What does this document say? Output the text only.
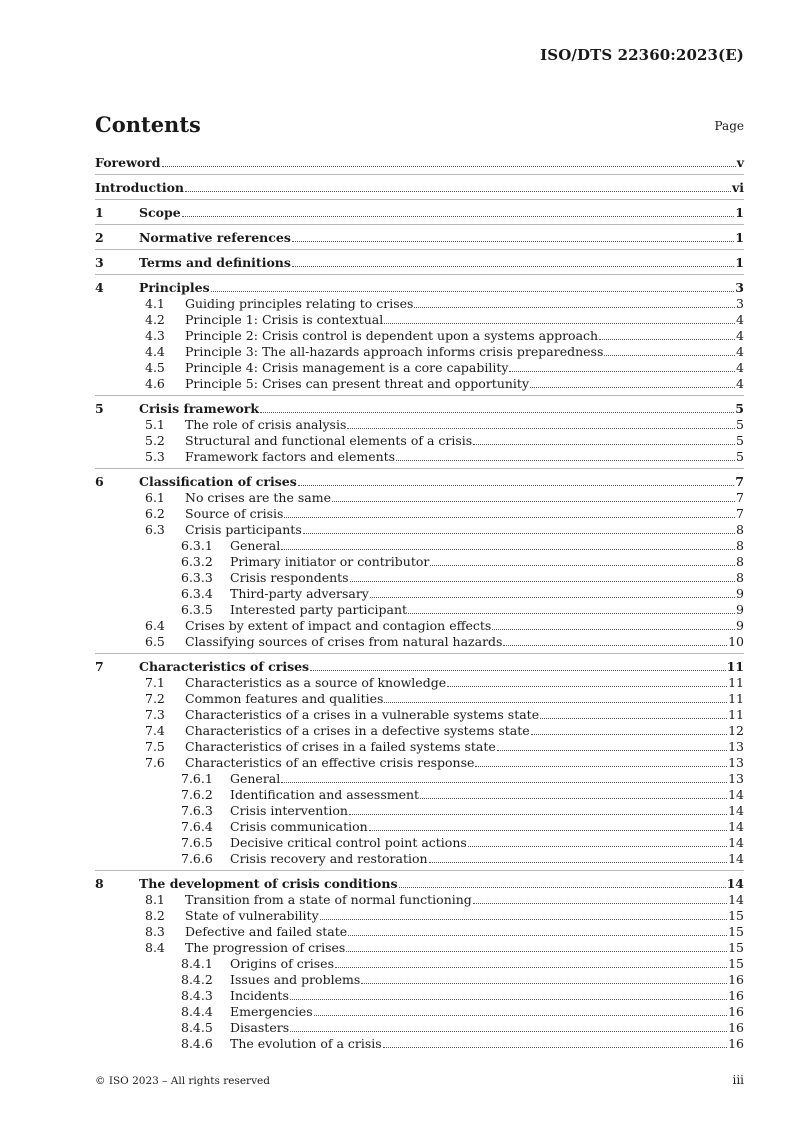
ISO/DTS 22360:2023(E)
Contents	Page
Foreword	v
Introduction	vi
1	Scope	1
2	Normative references	1
3	Terms and definitions	1
4	Principles	3
4.1	Guiding principles relating to crises	3
4.2	Principle 1: Crisis is contextual	4
4.3	Principle 2: Crisis control is dependent upon a systems approach	4
4.4	Principle 3: The all-hazards approach informs crisis preparedness	4
4.5	Principle 4: Crisis management is a core capability	4
4.6	Principle 5: Crises can present threat and opportunity	4
5	Crisis framework	5
5.1	The role of crisis analysis	5
5.2	Structural and functional elements of a crisis	5
5.3	Framework factors and elements	5
6	Classification of crises	7
6.1	No crises are the same	7
6.2	Source of crisis	7
6.3	Crisis participants	8
6.3.1	General	8
6.3.2	Primary initiator or contributor	8
6.3.3	Crisis respondents	8
6.3.4	Third-party adversary	9
6.3.5	Interested party participant	9
6.4	Crises by extent of impact and contagion effects	9
6.5	Classifying sources of crises from natural hazards	10
7	Characteristics of crises	11
7.1	Characteristics as a source of knowledge	11
7.2	Common features and qualities	11
7.3	Characteristics of a crises in a vulnerable systems state	11
7.4	Characteristics of a crises in a defective systems state	12
7.5	Characteristics of crises in a failed systems state	13
7.6	Characteristics of an effective crisis response	13
7.6.1	General	13
7.6.2	Identification and assessment	14
7.6.3	Crisis intervention	14
7.6.4	Crisis communication	14
7.6.5	Decisive critical control point actions	14
7.6.6	Crisis recovery and restoration	14
8	The development of crisis conditions	14
8.1	Transition from a state of normal functioning	14
8.2	State of vulnerability	15
8.3	Defective and failed state	15
8.4	The progression of crises	15
8.4.1	Origins of crises	15
8.4.2	Issues and problems	16
8.4.3	Incidents	16
8.4.4	Emergencies	16
8.4.5	Disasters	16
8.4.6	The evolution of a crisis	16
© ISO 2023 – All rights reserved	iii
